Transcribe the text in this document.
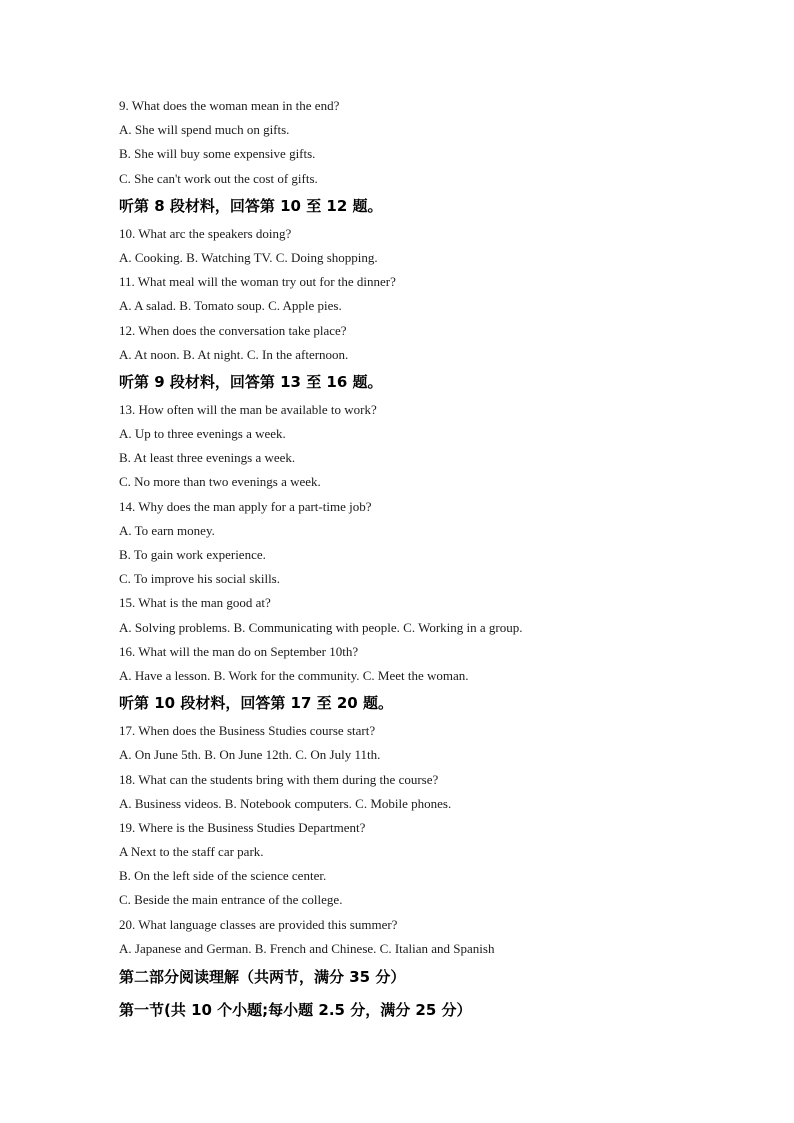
9. What does the woman mean in the end?
A. She will spend much on gifts.
B. She will buy some expensive gifts.
C. She can't work out the cost of gifts.
听第 8 段材料，回答第 10 至 12 题。
10. What arc the speakers doing?
A. Cooking. B. Watching TV. C. Doing shopping.
11. What meal will the woman try out for the dinner?
A. A salad. B. Tomato soup. C. Apple pies.
12. When does the conversation take place?
A. At noon. B. At night. C. In the afternoon.
听第 9 段材料，回答第 13 至 16 题。
13. How often will the man be available to work?
A. Up to three evenings a week.
B. At least three evenings a week.
C. No more than two evenings a week.
14. Why does the man apply for a part-time job?
A. To earn money.
B. To gain work experience.
C. To improve his social skills.
15. What is the man good at?
A. Solving problems. B. Communicating with people. C. Working in a group.
16. What will the man do on September 10th?
A. Have a lesson. B. Work for the community. C. Meet the woman.
听第 10 段材料，回答第 17 至 20 题。
17. When does the Business Studies course start?
A. On June 5th. B. On June 12th. C. On July 11th.
18. What can the students bring with them during the course?
A. Business videos. B. Notebook computers. C. Mobile phones.
19. Where is the Business Studies Department?
A Next to the staff car park.
B. On the left side of the science center.
C. Beside the main entrance of the college.
20. What language classes are provided this summer?
A. Japanese and German. B. French and Chinese. C. Italian and Spanish
第二部分阅读理解（共两节，满分 35 分）
第一节(共 10 个小题;每小题 2.5 分，满分 25 分）
